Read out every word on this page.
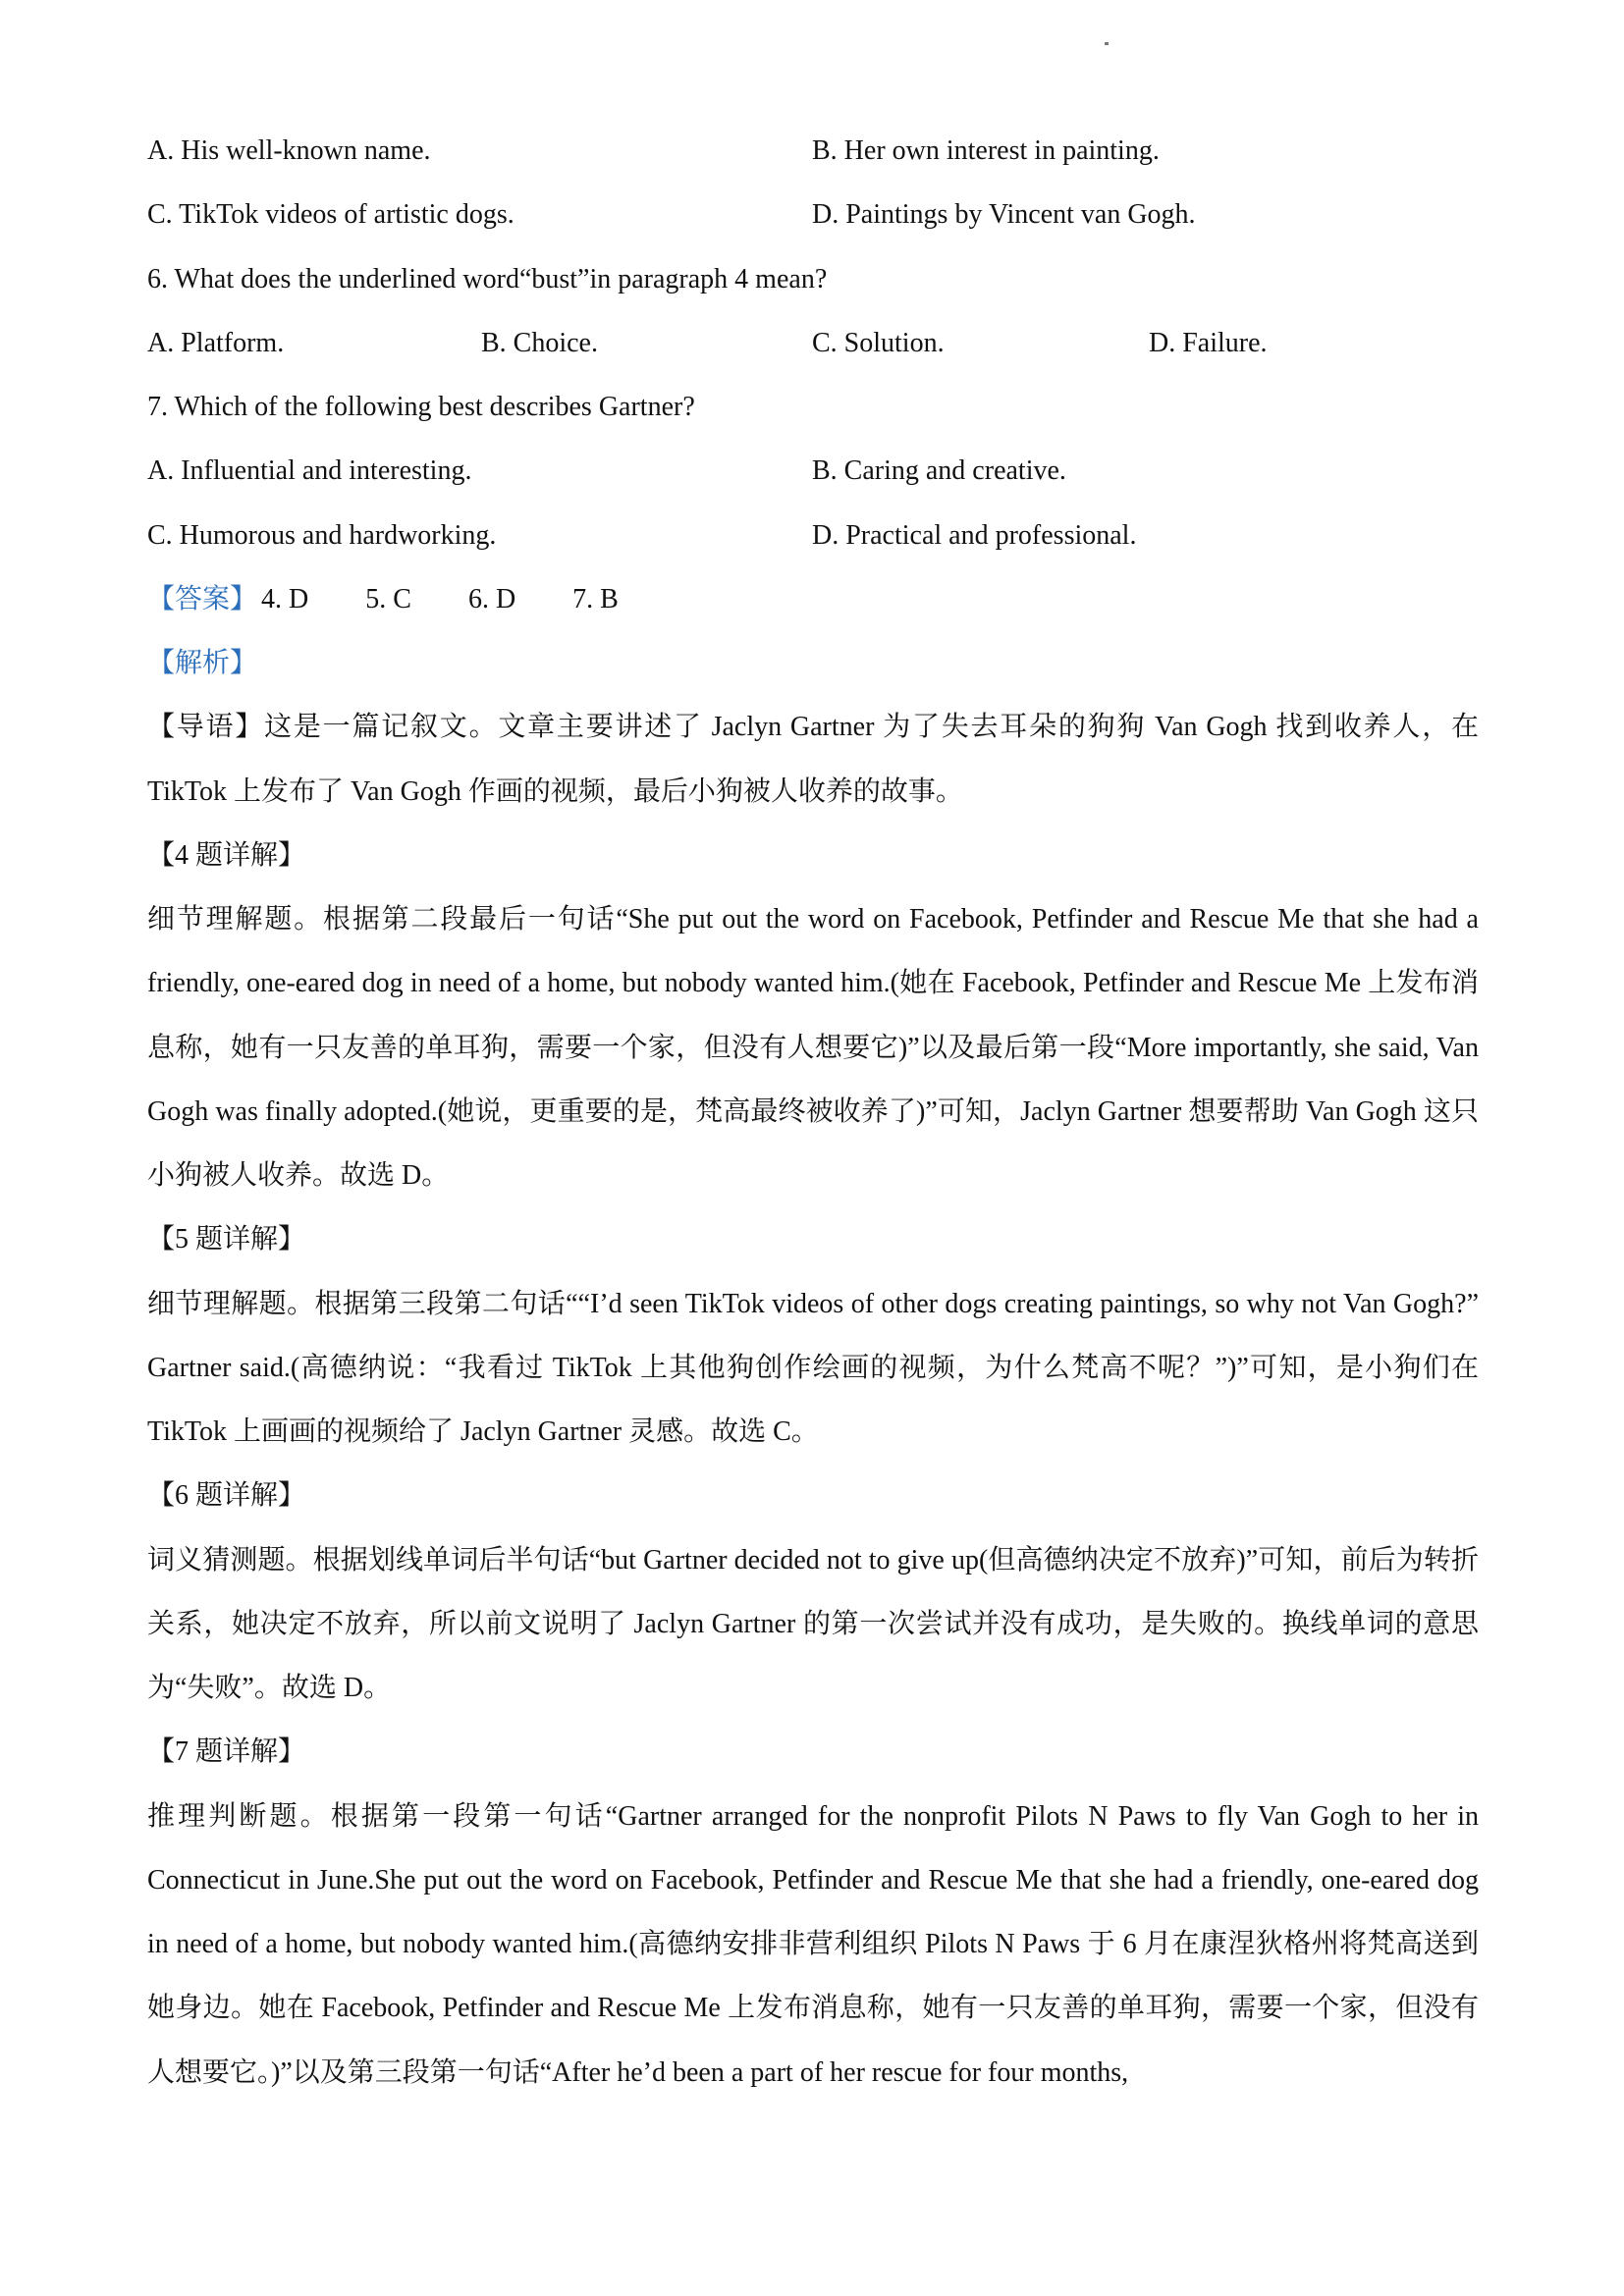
A. His well-known name.	B. Her own interest in painting.
C. TikTok videos of artistic dogs.	D. Paintings by Vincent van Gogh.
6. What does the underlined word“bust”in paragraph 4 mean?
A. Platform.	B. Choice.	C. Solution.	D. Failure.
7. Which of the following best describes Gartner?
A. Influential and interesting.	B. Caring and creative.
C. Humorous and hardworking.	D. Practical and professional.
【答案】 4. D 5. C 6. D 7. B
【解析】
【导语】这是一篇记叙文。文章主要讲述了 Jaclyn Gartner 为了失去耳朵的狗狗 Van Gogh 找到收养人，在 TikTok 上发布了 Van Gogh 作画的视频，最后小狗被人收养的故事。
【4 题详解】
细节理解题。根据第二段最后一句话“She put out the word on Facebook, Petfinder and Rescue Me that she had a friendly, one-eared dog in need of a home, but nobody wanted him.(她在 Facebook, Petfinder and Rescue Me 上发布消息称，她有一只友善的单耳狗，需要一个家，但没有人想要它)”以及最后第一段“More importantly, she said, Van Gogh was finally adopted.(她说，更重要的是，梵高最终被收养了)”可知，Jaclyn Gartner 想要帮助 Van Gogh 这只小狗被人收养。故选 D。
【5 题详解】
细节理解题。根据第三段第二句话““I’d seen TikTok videos of other dogs creating paintings, so why not Van Gogh?” Gartner said.(高德纳说：“我看过 TikTok 上其他狗创作绘画的视频，为什么梵高不呢？”)”可知，是小狗们在 TikTok 上画画的视频给了 Jaclyn Gartner 灵感。故选 C。
【6 题详解】
词义猜测题。根据划线单词后半句话“but Gartner decided not to give up(但高德纳决定不放弃)”可知，前后为转折关系，她决定不放弃，所以前文说明了 Jaclyn Gartner 的第一次尝试并没有成功，是失败的。换线单词的意思为“失败”。故选 D。
【7 题详解】
推理判断题。根据第一段第一句话“Gartner arranged for the nonprofit Pilots N Paws to fly Van Gogh to her in Connecticut in June.She put out the word on Facebook, Petfinder and Rescue Me that she had a friendly, one-eared dog in need of a home, but nobody wanted him.(高德纳安排非营利组织 Pilots N Paws 于 6 月在康涅狄格州将梵高送到她身边。她在 Facebook, Petfinder and Rescue Me 上发布消息称，她有一只友善的单耳狗，需要一个家，但没有人想要它。)”以及第三段第一句话“After he’d been a part of her rescue for four months,
